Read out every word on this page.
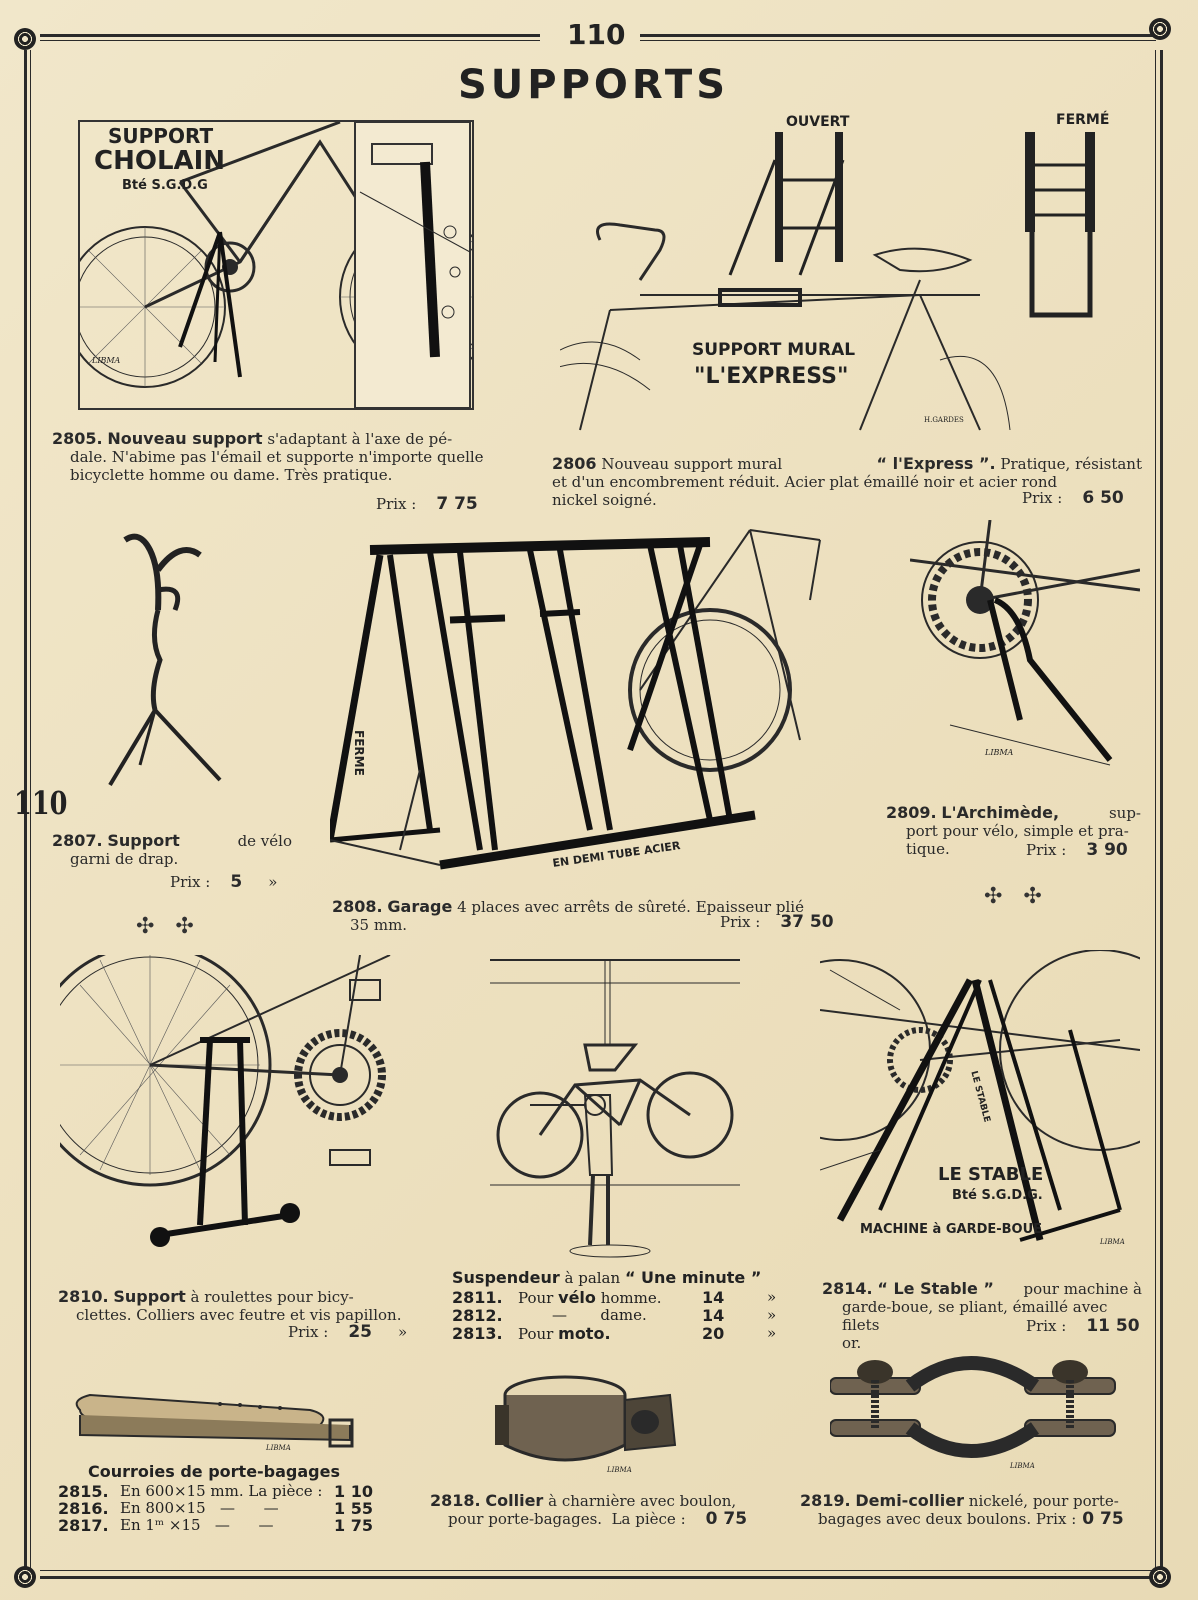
110
SUPPORTS
110
SUPPORT
CHOLAIN
Bté S.G.D.G
LIBMA
2805. Nouveau support s'adaptant à l'axe de pé-
dale. N'abime pas l'émail et supporte n'importe quelle
bicyclette homme ou dame. Très pratique.
Prix : 7 75
OUVERT	FERMÉ
SUPPORT MURAL
"L'EXPRESS"
H.GARDES
2806 Nouveau support mural	“ l'Express ”. Pratique, résistant
et d'un encombrement réduit. Acier plat émaillé noir et acier rond
nickel soigné.	Prix : 6 50
2807. Support	de vélo
garni de drap.
Prix : 5 »
✣   ✣
FERME
EN DEMI TUBE ACIER
2808. Garage 4 places avec arrêts de sûreté. Epaisseur plié
35 mm.	Prix : 37 50
LIBMA
2809. L'Archimède,	sup-
port pour vélo, simple et pra-
tique.	Prix : 3 90
✣   ✣
2810. Support à roulettes pour bicy-
clettes. Colliers avec feutre et vis papillon.
Prix : 25 »
Suspendeur à palan “ Une minute ”
2811. Pour vélo homme.	14	»
2812.	— dame.	14	»
2813. Pour moto.	20	»
LE STABLE
Bté S.G.D.G.
MACHINE à GARDE-BOUE
LE STABLE
LIBMA
2814. “ Le Stable ” pour machine à
garde-boue, se pliant, émaillé avec filets
or.
Prix : 11 50
LIBMA
Courroies de porte-bagages
2815. En 600×15 mm. La pièce : 1 10
2816. En 800×15   —      —	1 55
2817. En 1ᵐ ×15   —      —	1 75
LIBMA
2818. Collier à charnière avec boulon,
pour porte-bagages.  La pièce : 0 75
LIBMA
2819. Demi-collier nickelé, pour porte-
bagages avec deux boulons. Prix : 0 75
